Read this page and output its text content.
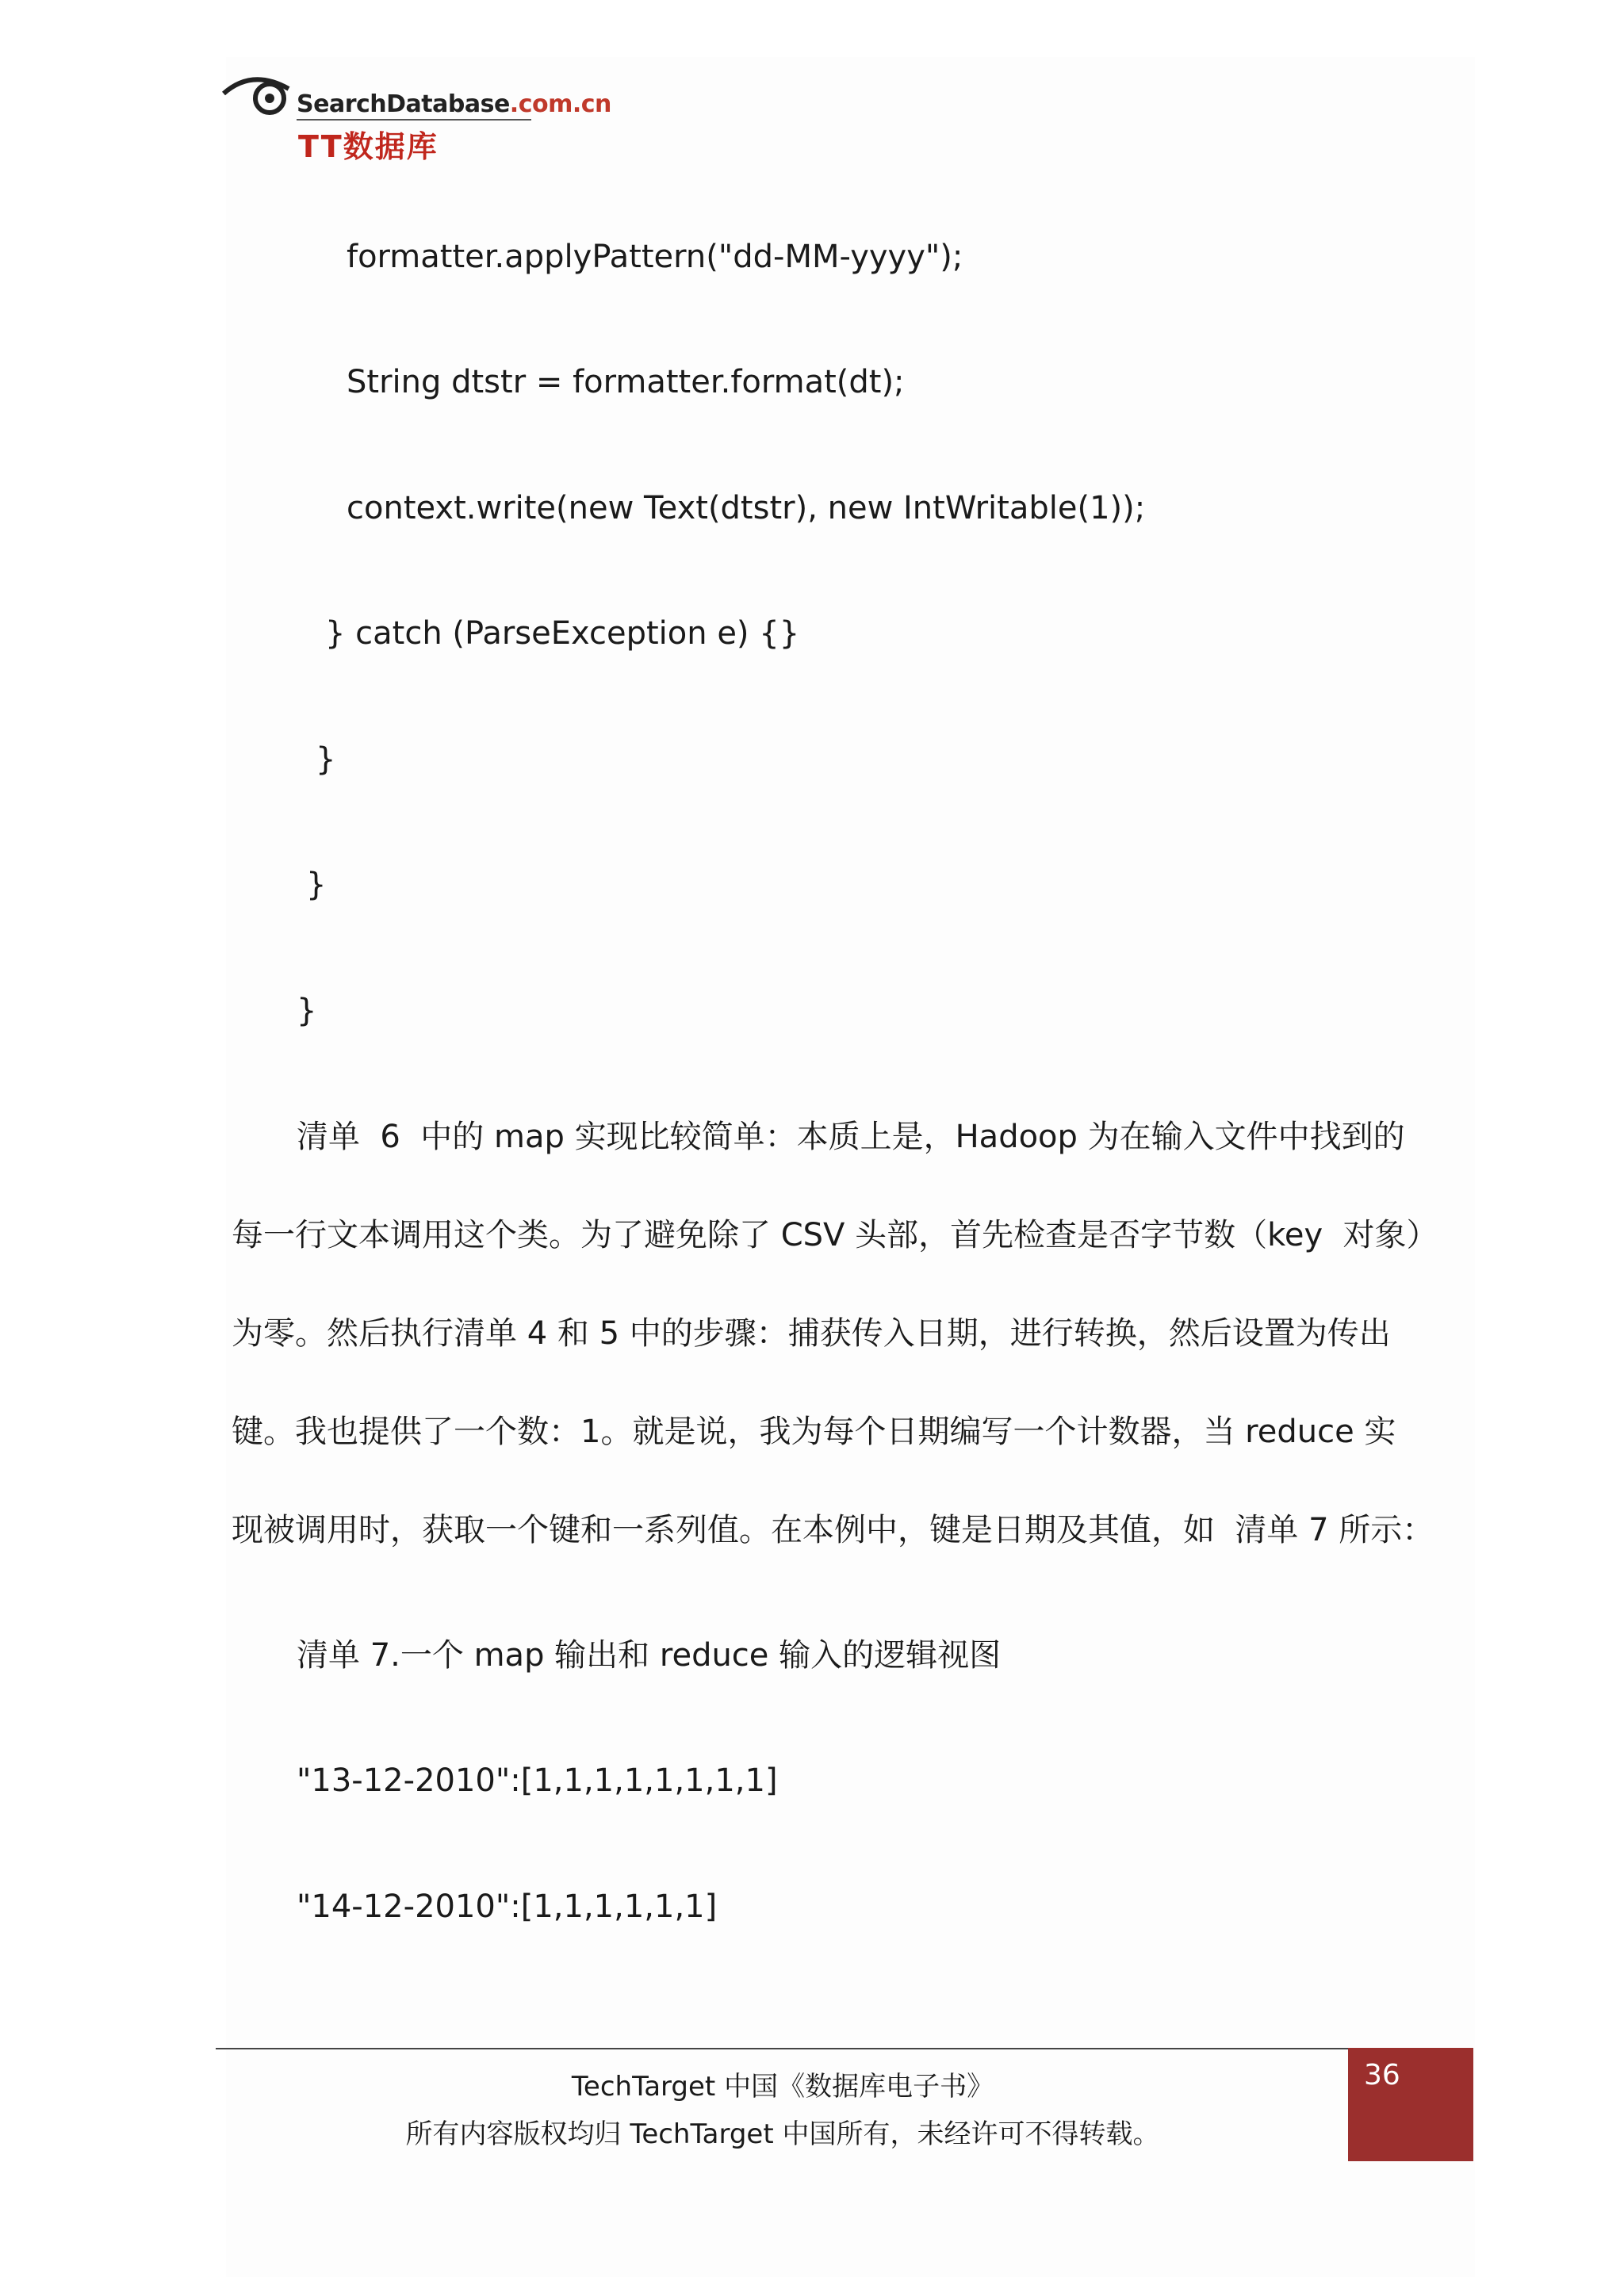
SearchDatabase.com.cn
TT数据库
formatter.applyPattern("dd-MM-yyyy");
String dtstr = formatter.format(dt);
context.write(new Text(dtstr), new IntWritable(1));
} catch (ParseException e) {}
}
}
}
清单  6  中的 map 实现比较简单：本质上是，Hadoop 为在输入文件中找到的
每一行文本调用这个类。为了避免除了 CSV 头部，首先检查是否字节数（key  对象）
为零。然后执行清单 4 和 5 中的步骤：捕获传入日期，进行转换，然后设置为传出
键。我也提供了一个数：1。就是说，我为每个日期编写一个计数器，当 reduce 实
现被调用时，获取一个键和一系列值。在本例中，键是日期及其值，如  清单 7 所示：
清单 7.一个 map 输出和 reduce 输入的逻辑视图
"13-12-2010":[1,1,1,1,1,1,1,1]
"14-12-2010":[1,1,1,1,1,1]
TechTarget 中国《数据库电子书》
所有内容版权均归 TechTarget 中国所有，未经许可不得转载。
36
